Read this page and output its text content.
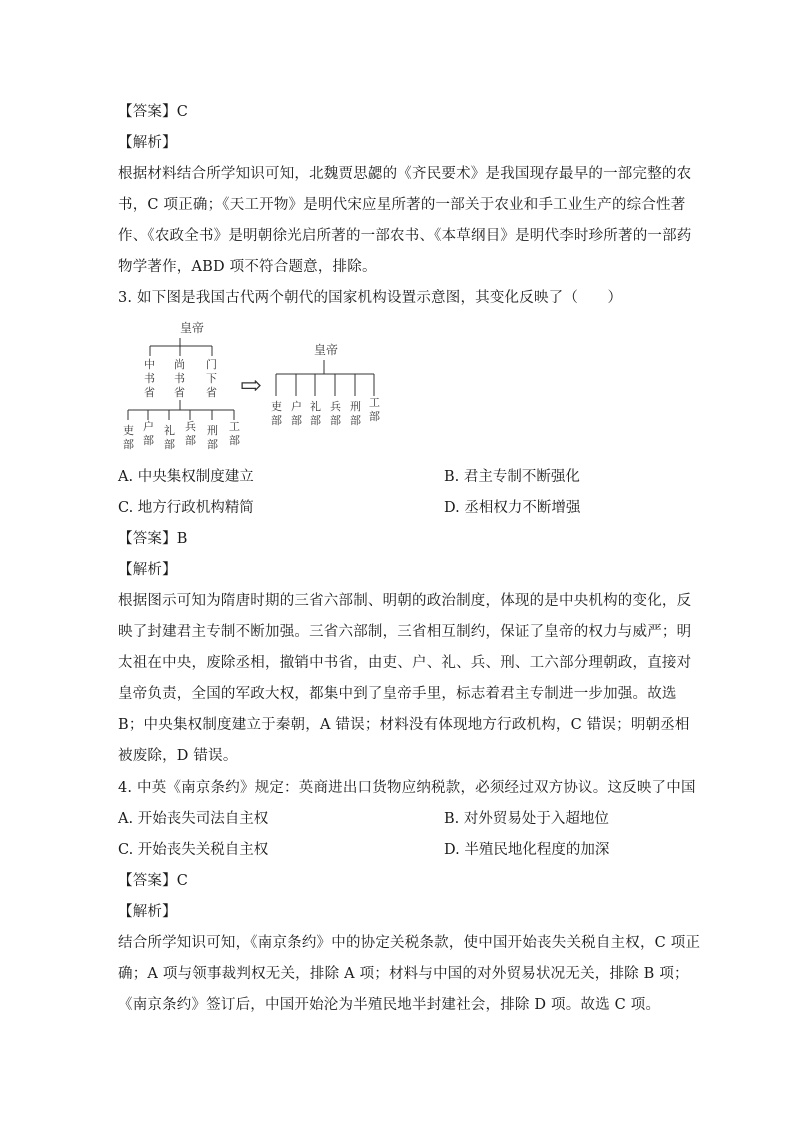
【答案】C
【解析】
根据材料结合所学知识可知，北魏贾思勰的《齐民要术》是我国现存最早的一部完整的农
书，C 项正确；《天工开物》是明代宋应星所著的一部关于农业和手工业生产的综合性著
作、《农政全书》是明朝徐光启所著的一部农书、《本草纲目》是明代李时珍所著的一部药
物学著作，ABD 项不符合题意，排除。
3. 如下图是我国古代两个朝代的国家机构设置示意图，其变化反映了（　　）
皇帝
中
书
省
尚
书
省
门
下
省
吏
部
户
部
礼
部
兵
部
刑
部
工
部
⇨
皇帝
吏
部
户
部
礼
部
兵
部
刑
部
工
部
A. 中央集权制度建立	B. 君主专制不断强化
C. 地方行政机构精简	D. 丞相权力不断增强
【答案】B
【解析】
根据图示可知为隋唐时期的三省六部制、明朝的政治制度，体现的是中央机构的变化，反
映了封建君主专制不断加强。三省六部制，三省相互制约，保证了皇帝的权力与威严；明
太祖在中央，废除丞相，撤销中书省，由吏、户、礼、兵、刑、工六部分理朝政，直接对
皇帝负责，全国的军政大权，都集中到了皇帝手里，标志着君主专制进一步加强。故选
B；中央集权制度建立于秦朝，A 错误；材料没有体现地方行政机构，C 错误；明朝丞相
被废除，D 错误。
4. 中英《南京条约》规定：英商进出口货物应纳税款，必须经过双方协议。这反映了中国
A. 开始丧失司法自主权	B. 对外贸易处于入超地位
C. 开始丧失关税自主权	D. 半殖民地化程度的加深
【答案】C
【解析】
结合所学知识可知，《南京条约》中的协定关税条款，使中国开始丧失关税自主权，C 项正
确；A 项与领事裁判权无关，排除 A 项；材料与中国的对外贸易状况无关，排除 B 项；
《南京条约》签订后，中国开始沦为半殖民地半封建社会，排除 D 项。故选 C 项。
